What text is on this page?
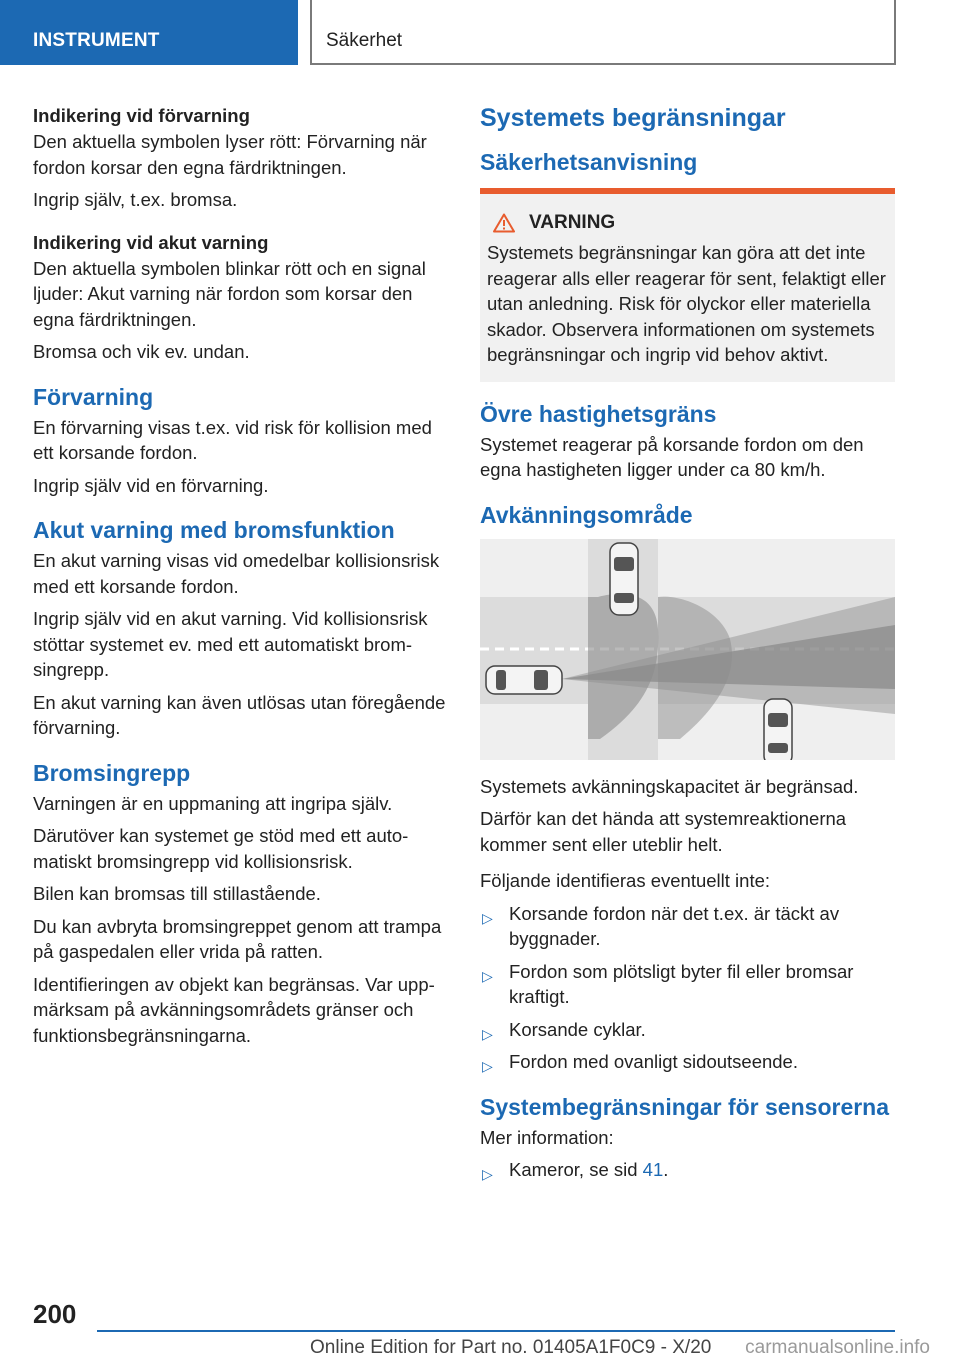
INSTRUMENT	Säkerhet
Indikering vid förvarning

Den aktuella symbolen lyser rött: Förvarning när fordon korsar den egna färdriktningen.

Ingrip själv, t.ex. bromsa.

Indikering vid akut varning

Den aktuella symbolen blinkar rött och en signal ljuder: Akut varning när fordon som korsar den egna färdriktningen.

Bromsa och vik ev. undan.

Förvarning

En förvarning visas t.ex. vid risk för kollision med ett korsande fordon.

Ingrip själv vid en förvarning.

Akut varning med bromsfunktion

En akut varning visas vid omedelbar kollisionsrisk med ett korsande fordon.

Ingrip själv vid en akut varning. Vid kollisionsrisk stöttar systemet ev. med ett automatiskt bromsingrepp.

En akut varning kan även utlösas utan föregående förvarning.

Bromsingrepp

Varningen är en uppmaning att ingripa själv.

Därutöver kan systemet ge stöd med ett automatiskt bromsingrepp vid kollisionsrisk.

Bilen kan bromsas till stillastående.

Du kan avbryta bromsingreppet genom att trampa på gaspedalen eller vrida på ratten.

Identifieringen av objekt kan begränsas. Var uppmärksam på avkänningsområdets gränser och funktionsbegränsningarna.

Systemets begränsningar
Säkerhetsanvisning
VARNING

Systemets begränsningar kan göra att det inte reagerar alls eller reagerar för sent, felaktigt eller utan anledning. Risk för olyckor eller materiella skador. Observera informationen om systemets begränsningar och ingrip vid behov aktivt.

Övre hastighetsgräns

Systemet reagerar på korsande fordon om den egna hastigheten ligger under ca 80 km/h.

Avkänningsområde

Systemets avkänningskapacitet är begränsad.

Därför kan det hända att systemreaktionerna kommer sent eller uteblir helt.

Följande identifieras eventuellt inte:

▷ Korsande fordon när det t.ex. är täckt av byggnader.
▷ Fordon som plötsligt byter fil eller bromsar kraftigt.
▷ Korsande cyklar.
▷ Fordon med ovanligt sidoutseende.
Systembegränsningar för sensorerna

Mer information:

▷ Kameror, se sid 41.
200
Online Edition for Part no. 01405A1F0C9 - X/20 carmanualsonline.info
